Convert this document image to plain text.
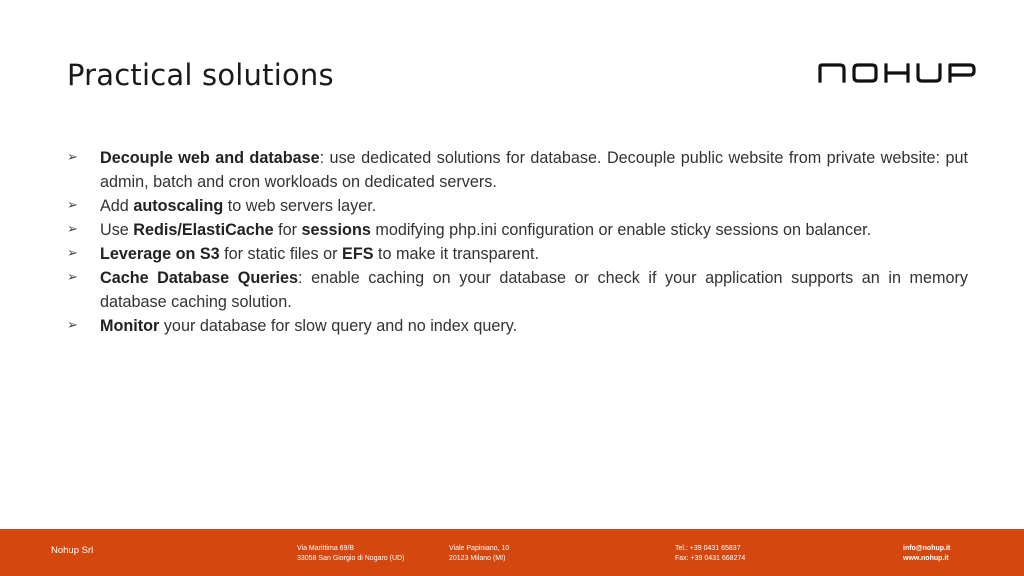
Practical solutions
➢ Decouple web and database: use dedicated solutions for database. Decouple public website from private website: put admin, batch and cron workloads on dedicated servers.
➢ Add autoscaling to web servers layer.
➢ Use Redis/ElastiCache for sessions modifying php.ini configuration or enable sticky sessions on balancer.
➢ Leverage on S3 for static files or EFS to make it transparent.
➢ Cache Database Queries: enable caching on your database or check if your application supports an in memory database caching solution.
➢ Monitor your database for slow query and no index query.
Nohup Srl	Via Marittima 69/B
33058 San Giorgio di Nogaro (UD)
Viale Papiniano, 10
20123 Milano (MI)
Tel.: +39 0431 65837
Fax: +39 0431 668274
info@nohup.it
www.nohup.it
